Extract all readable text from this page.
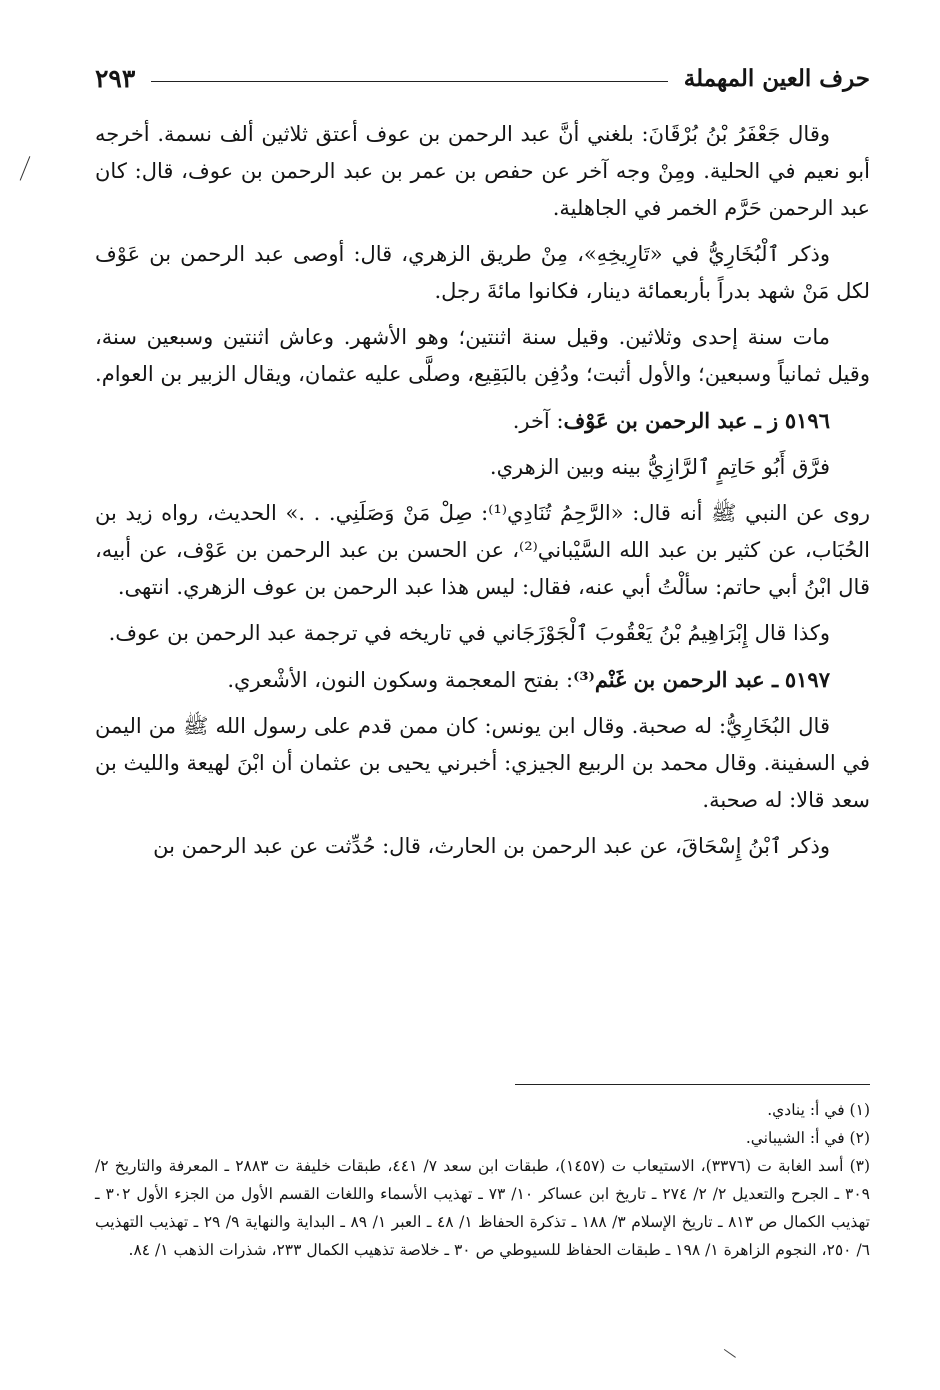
حرف العين المهملة
٢٩٣

وقال جَعْفَرُ بْنُ بُرْقَانَ: بلغني أنَّ عبد الرحمن بن عوف أعتق ثلاثين ألف نسمة. أخرجه أبو نعيم في الحلية. ومِنْ وجه آخر عن حفص بن عمر بن عبد الرحمن بن عوف، قال: كان عبد الرحمن حَرَّم الخمر في الجاهلية.

وذكر ٱلْبُخَارِيُّ في «تَارِيخِهِ»، مِنْ طريق الزهري، قال: أوصى عبد الرحمن بن عَوْف لكل مَنْ شهد بدراً بأربعمائة دينار، فكانوا مائةَ رجل.

مات سنة إحدى وثلاثين. وقيل سنة اثنتين؛ وهو الأشهر. وعاش اثنتين وسبعين سنة، وقيل ثمانياً وسبعين؛ والأول أثبت؛ ودُفِن بالبَقِيع، وصلَّى عليه عثمان، ويقال الزبير بن العوام.

٥١٩٦ ز ـ عبد الرحمن بن عَوْف: آخر.

فرَّق أَبُو حَاتِمٍ ٱلرَّازِيُّ بينه وبين الزهري.

روى عن النبي ﷺ أنه قال: «الرَّحِمُ تُنَادِي⁽¹⁾: صِلْ مَنْ وَصَلَنِي. . .» الحديث، رواه زيد بن الحُبَاب، عن كثير بن عبد الله السَّيْباني⁽²⁾، عن الحسن بن عبد الرحمن بن عَوْف، عن أبيه، قال ابْنُ أبي حاتم: سألْتُ أبي عنه، فقال: ليس هذا عبد الرحمن بن عوف الزهري. انتهى.

وكذا قال إِبْرَاهِيمُ بْنُ يَعْقُوبَ ٱلْجَوْزَجَاني في تاريخه في ترجمة عبد الرحمن بن عوف.

٥١٩٧ ـ عبد الرحمن بن غَنْم⁽³⁾: بفتح المعجمة وسكون النون، الأشْعري.

قال البُخَارِيُّ: له صحبة. وقال ابن يونس: كان ممن قدم على رسول الله ﷺ من اليمن في السفينة. وقال محمد بن الربيع الجيزي: أخبرني يحيى بن عثمان أن ابْنَ لهيعة والليث بن سعد قالا: له صحبة.

وذكر ٱبْنُ إِسْحَاقَ، عن عبد الرحمن بن الحارث، قال: حُدِّثت عن عبد الرحمن بن

(١) في أ: ينادي.

(٢) في أ: الشيباني.

(٣) أسد الغابة ت (٣٣٧٦)، الاستيعاب ت (١٤٥٧)، طبقات ابن سعد ٧/ ٤٤١، طبقات خليفة ت ٢٨٨٣ ـ المعرفة والتاريخ ٢/ ٣٠٩ ـ الجرح والتعديل ٢/ ٢/ ٢٧٤ ـ تاريخ ابن عساكر ١٠/ ٧٣ ـ تهذيب الأسماء واللغات القسم الأول من الجزء الأول ٣٠٢ ـ تهذيب الكمال ص ٨١٣ ـ تاريخ الإسلام ٣/ ١٨٨ ـ تذكرة الحفاظ ١/ ٤٨ ـ العبر ١/ ٨٩ ـ البداية والنهاية ٩/ ٢٩ ـ تهذيب التهذيب ٦/ ٢٥٠، النجوم الزاهرة ١/ ١٩٨ ـ طبقات الحفاظ للسيوطي ص ٣٠ ـ خلاصة تذهيب الكمال ٢٣٣، شذرات الذهب ١/ ٨٤.
